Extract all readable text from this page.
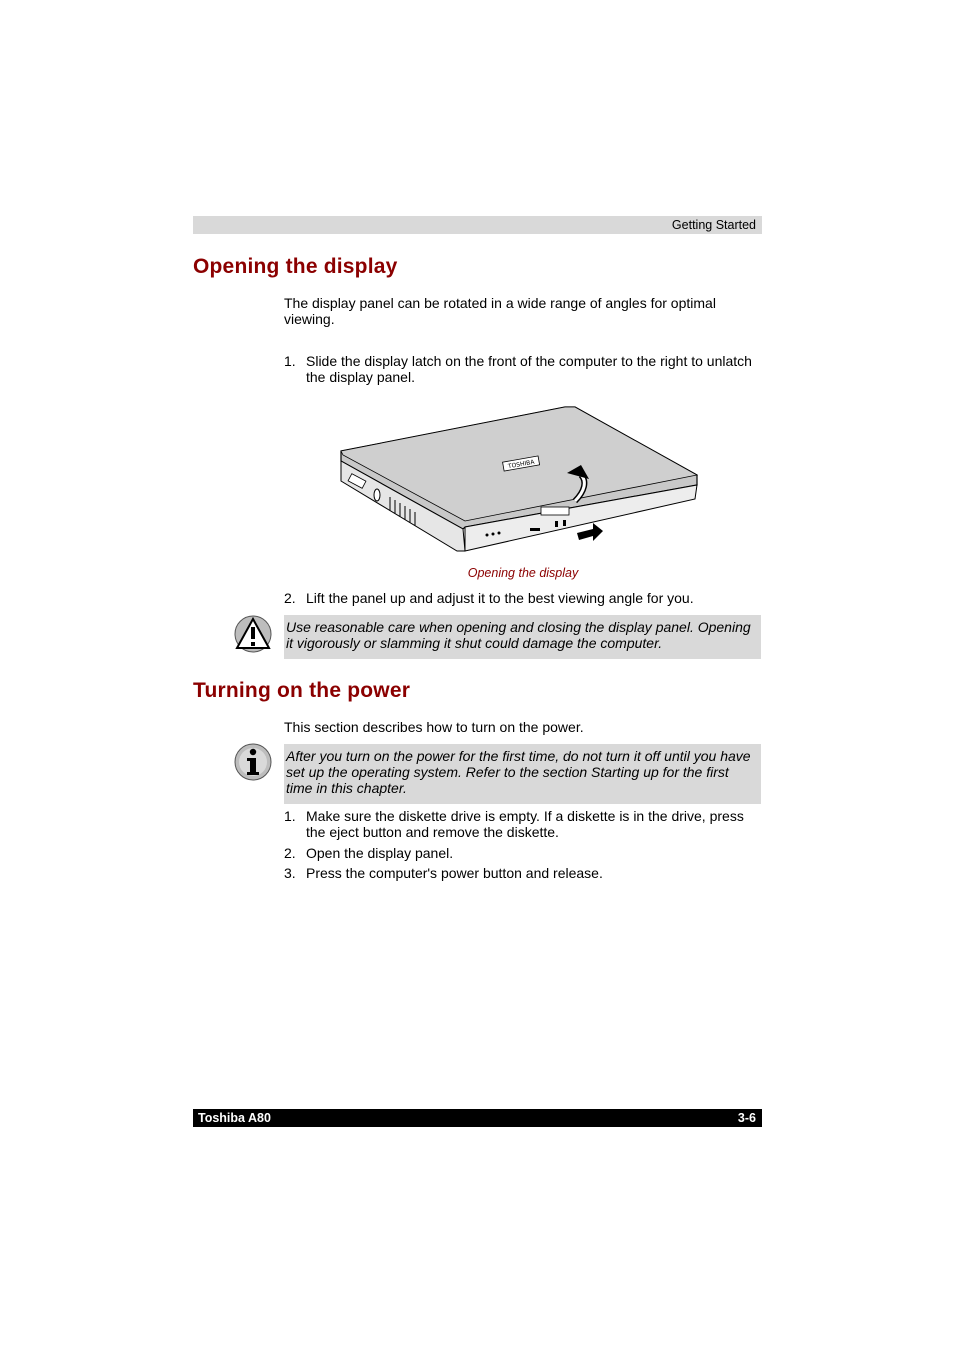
Getting Started
Opening the display
The display panel can be rotated in a wide range of angles for optimal viewing.
1. Slide the display latch on the front of the computer to the right to unlatch the display panel.
TOSHIBA
Opening the display
2. Lift the panel up and adjust it to the best viewing angle for you.
Use reasonable care when opening and closing the display panel. Opening it vigorously or slamming it shut could damage the computer.
Turning on the power
This section describes how to turn on the power.
After you turn on the power for the first time, do not turn it off until you have set up the operating system. Refer to the section Starting up for the first time in this chapter.
1. Make sure the diskette drive is empty. If a diskette is in the drive, press the eject button and remove the diskette.
2. Open the display panel.
3. Press the computer's power button and release.
Toshiba A80	3-6
